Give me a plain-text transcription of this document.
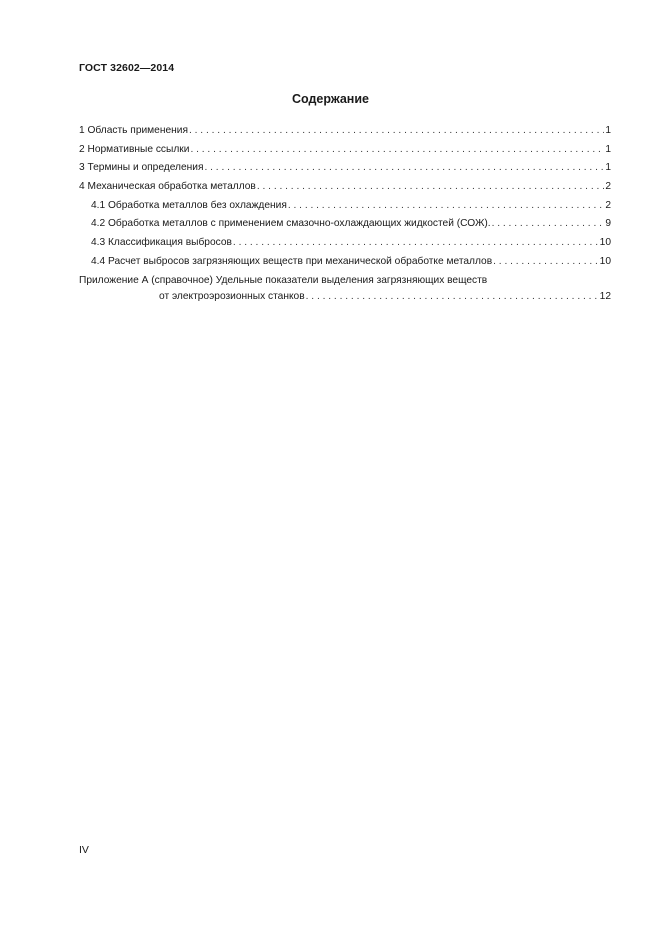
ГОСТ 32602—2014
Содержание
1 Область применения . . .	1
2 Нормативные ссылки . . .	1
3 Термины и определения . . .	1
4 Механическая обработка металлов . . .	2
4.1 Обработка металлов без охлаждения . . .	2
4.2 Обработка металлов с применением смазочно-охлаждающих жидкостей (СОЖ). . . .	9
4.3 Классификация выбросов . . .	10
4.4 Расчет выбросов загрязняющих веществ при механической обработке металлов . . .	10
Приложение А (справочное) Удельные показатели выделения загрязняющих веществ
от электроэрозионных станков . . .	12
IV
